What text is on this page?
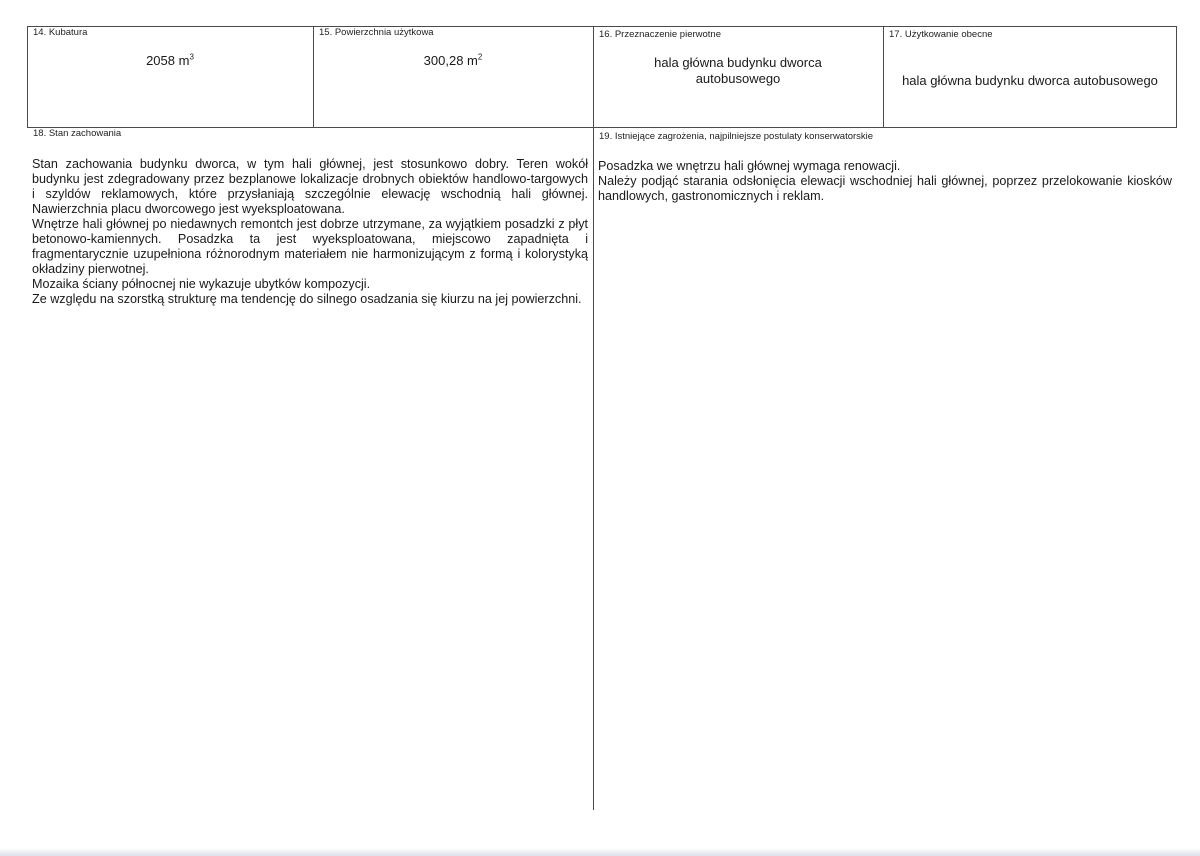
14. Kubatura
2058 $m^3$
15. Powierzchnia użytkowa
300,28 $m^2$
16. Przeznaczenie pierwotne
hala główna budynku dworca
autobusowego
17. Użytkowanie obecne
hala główna budynku dworca autobusowego
18. Stan zachowania

Stan zachowania budynku dworca, w tym hali głównej, jest stosunkowo dobry. Teren wokół budynku jest zdegradowany przez bezplanowe lokalizacje drobnych obiektów handlowo-targowych i szyldów reklamowych, które przysłaniają szczególnie elewację wschodnią hali głównej. Nawierzchnia placu dworcowego jest wyeksploatowana.

Wnętrze hali głównej po niedawnych remontch jest dobrze utrzymane, za wyjątkiem posadzki z płyt betonowo-kamiennych. Posadzka ta jest wyeksploatowana, miejscowo zapadnięta i fragmentarycznie uzupełniona różnorodnym materiałem nie harmonizującym z formą i kolorystyką okładziny pierwotnej.

Mozaika ściany północnej nie wykazuje ubytków kompozycji.

Ze względu na szorstką strukturę ma tendencję do silnego osadzania się kiurzu na jej powierzchni.

19. Istniejące zagrożenia, najpilniejsze postulaty konserwatorskie

Posadzka we wnętrzu hali głównej wymaga renowacji.

Należy podjąć starania odsłonięcia elewacji wschodniej hali głównej, poprzez przelokowanie kiosków handlowych, gastronomicznych i reklam.
